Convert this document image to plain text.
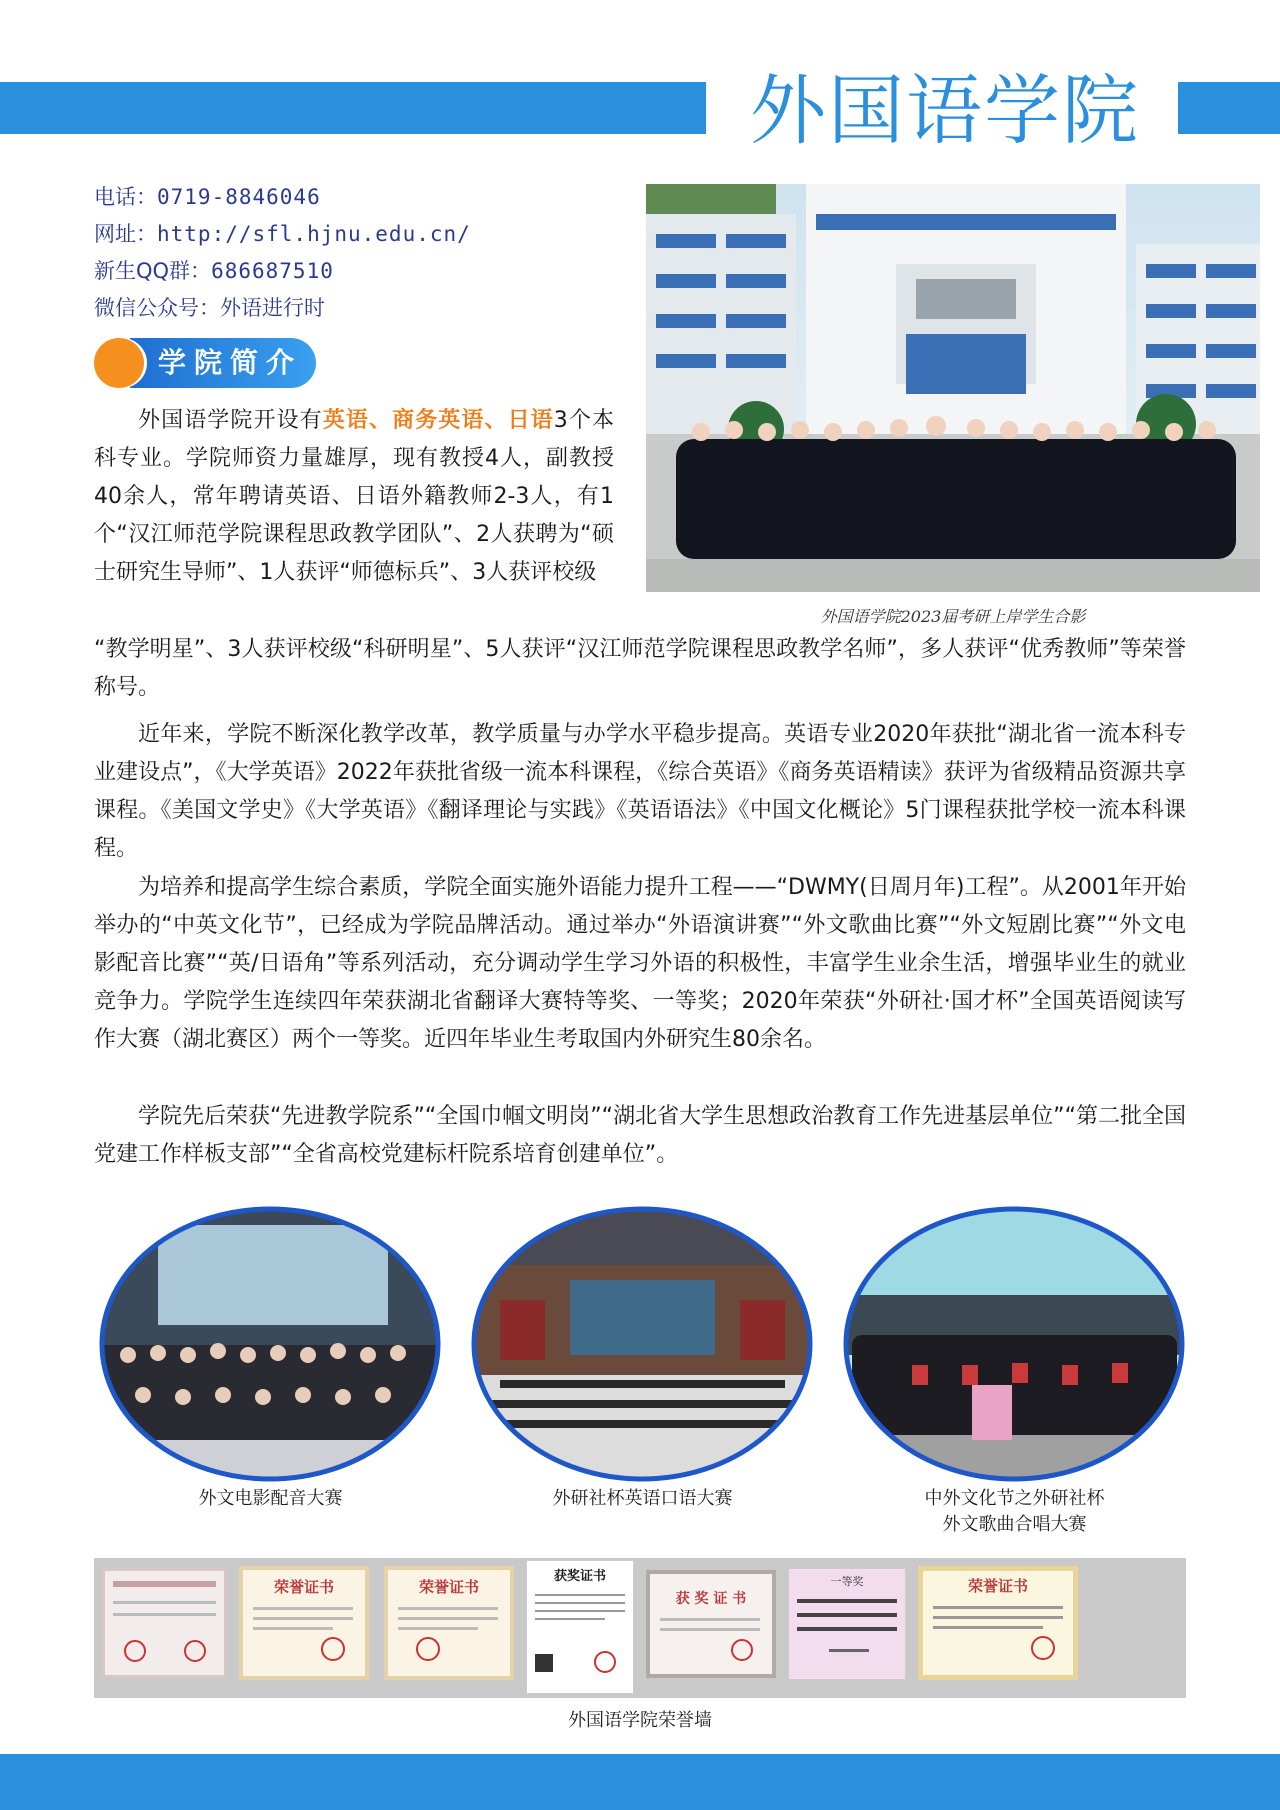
外国语学院
电话：0719-8846046
网址：http://sfl.hjnu.edu.cn/
新生QQ群：686687510
微信公众号：外语进行时
学院简介
外国语学院开设有英语、商务英语、日语3个本科专业。学院师资力量雄厚，现有教授4人，副教授40余人，常年聘请英语、日语外籍教师2-3人，有1个“汉江师范学院课程思政教学团队”、2人获聘为“硕士研究生导师”、1人获评“师德标兵”、3人获评校级
“教学明星”、3人获评校级“科研明星”、5人获评“汉江师范学院课程思政教学名师”，多人获评“优秀教师”等荣誉称号。
外国语学院2023届考研上岸学生合影
近年来，学院不断深化教学改革，教学质量与办学水平稳步提高。英语专业2020年获批“湖北省一流本科专业建设点”，《大学英语》2022年获批省级一流本科课程，《综合英语》《商务英语精读》获评为省级精品资源共享课程。《美国文学史》《大学英语》《翻译理论与实践》《英语语法》《中国文化概论》5门课程获批学校一流本科课程。
为培养和提高学生综合素质，学院全面实施外语能力提升工程——“DWMY(日周月年)工程”。从2001年开始举办的“中英文化节”，已经成为学院品牌活动。通过举办“外语演讲赛”“外文歌曲比赛”“外文短剧比赛”“外文电影配音比赛”“英/日语角”等系列活动，充分调动学生学习外语的积极性，丰富学生业余生活，增强毕业生的就业竞争力。学院学生连续四年荣获湖北省翻译大赛特等奖、一等奖；2020年荣获“外研社·国才杯”全国英语阅读写作大赛（湖北赛区）两个一等奖。近四年毕业生考取国内外研究生80余名。
学院先后荣获“先进教学院系”“全国巾帼文明岗”“湖北省大学生思想政治教育工作先进基层单位”“第二批全国党建工作样板支部”“全省高校党建标杆院系培育创建单位”。
外文电影配音大赛	外研社杯英语口语大赛	中外文化节之外研社杯
外文歌曲合唱大赛
荣誉证书	荣誉证书
获奖证书
获 奖 证 书
一等奖	荣誉证书
外国语学院荣誉墙
